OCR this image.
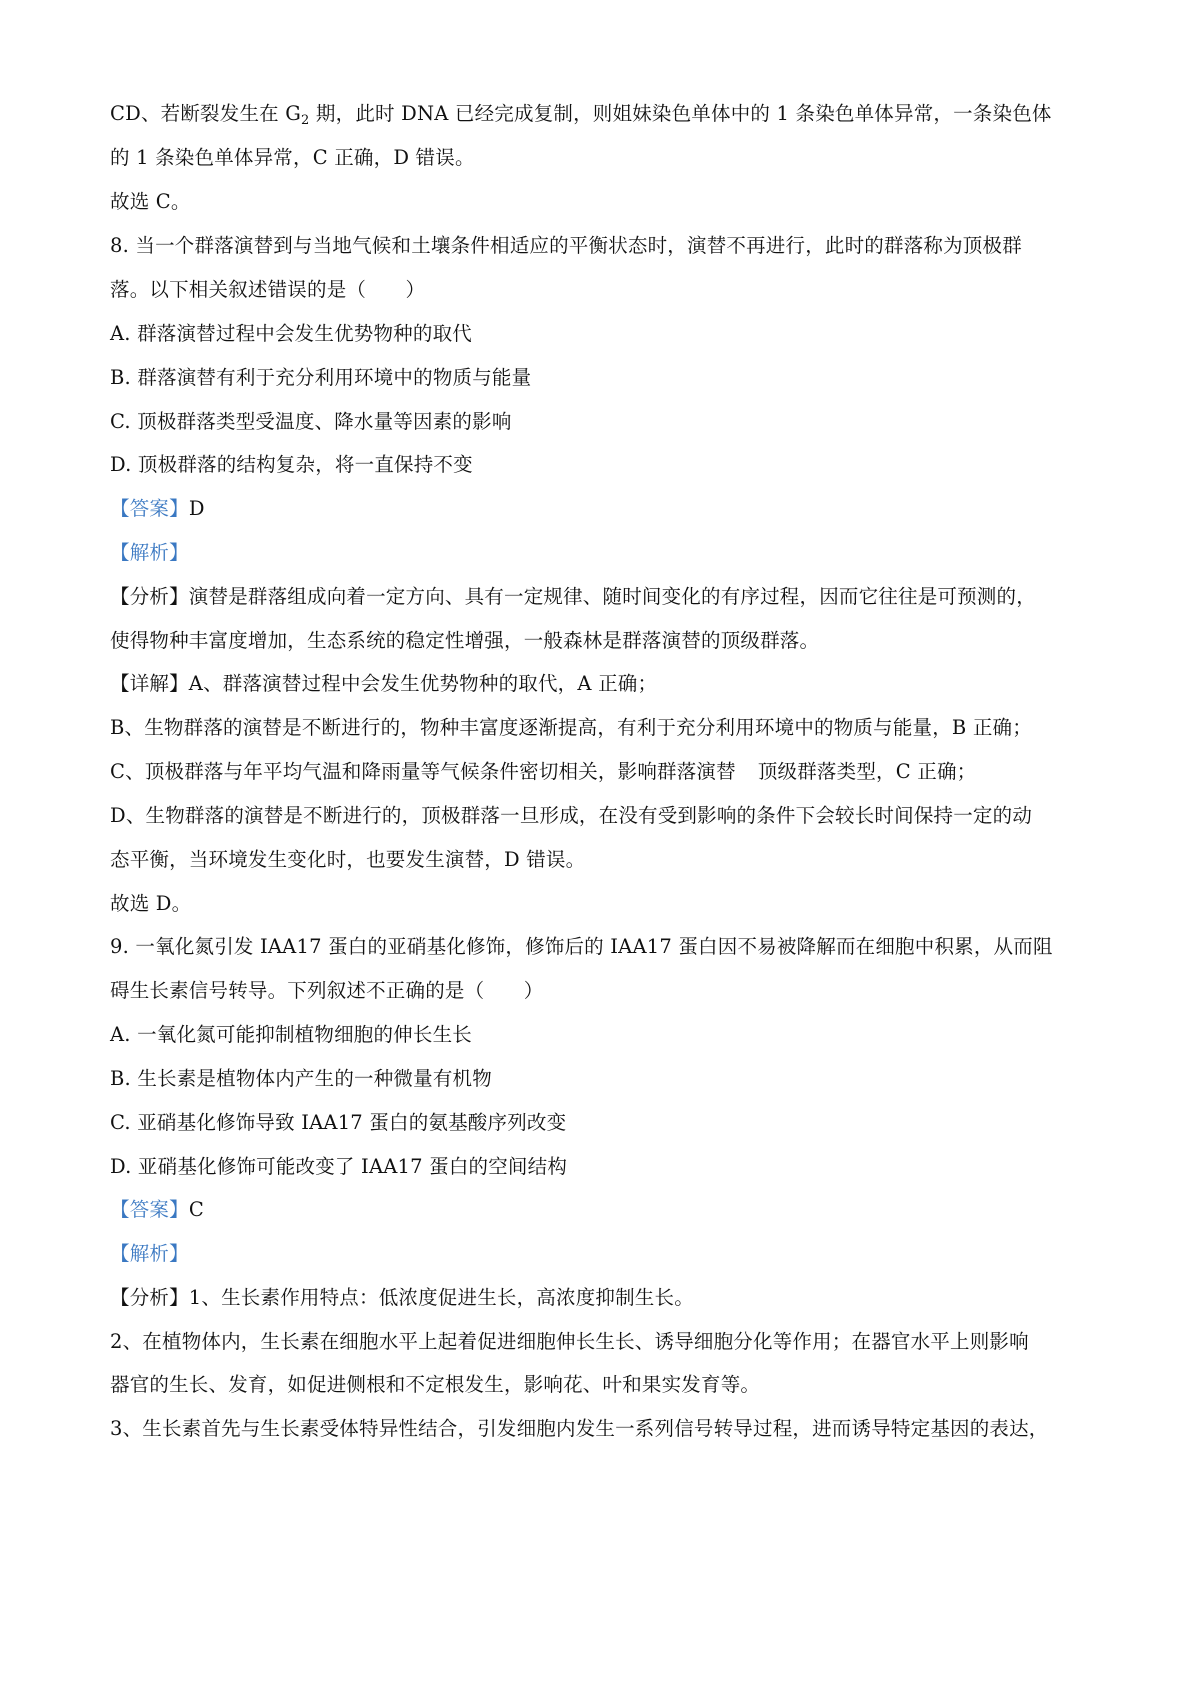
CD、若断裂发生在 $G_2$ 期，此时 DNA 已经完成复制，则姐妹染色单体中的 1 条染色单体异常，一条染色体
的 1 条染色单体异常，C 正确，D 错误。
故选 C。
8. 当一个群落演替到与当地气候和土壤条件相适应的平衡状态时，演替不再进行，此时的群落称为顶极群
落。以下相关叙述错误的是（　　）
A. 群落演替过程中会发生优势物种的取代
B. 群落演替有利于充分利用环境中的物质与能量
C. 顶极群落类型受温度、降水量等因素的影响
D. 顶极群落的结构复杂，将一直保持不变
【答案】D
【解析】
【分析】演替是群落组成向着一定方向、具有一定规律、随时间变化的有序过程，因而它往往是可预测的，
使得物种丰富度增加，生态系统的稳定性增强，一般森林是群落演替的顶级群落。
【详解】A、群落演替过程中会发生优势物种的取代，A 正确；
B、生物群落的演替是不断进行的，物种丰富度逐渐提高，有利于充分利用环境中的物质与能量，B 正确；
C、顶极群落与年平均气温和降雨量等气候条件密切相关，影响群落演替 顶级群落类型，C 正确；
D、生物群落的演替是不断进行的，顶极群落一旦形成，在没有受到影响的条件下会较长时间保持一定的动
态平衡，当环境发生变化时，也要发生演替，D 错误。
故选 D。
9. 一氧化氮引发 IAA17 蛋白的亚硝基化修饰，修饰后的 IAA17 蛋白因不易被降解而在细胞中积累，从而阻
碍生长素信号转导。下列叙述不正确的是（　　）
A. 一氧化氮可能抑制植物细胞的伸长生长
B. 生长素是植物体内产生的一种微量有机物
C. 亚硝基化修饰导致 IAA17 蛋白的氨基酸序列改变
D. 亚硝基化修饰可能改变了 IAA17 蛋白的空间结构
【答案】C
【解析】
【分析】1、生长素作用特点：低浓度促进生长，高浓度抑制生长。
2、在植物体内，生长素在细胞水平上起着促进细胞伸长生长、诱导细胞分化等作用；在器官水平上则影响
器官的生长、发育，如促进侧根和不定根发生，影响花、叶和果实发育等。
3、生长素首先与生长素受体特异性结合，引发细胞内发生一系列信号转导过程，进而诱导特定基因的表达，
